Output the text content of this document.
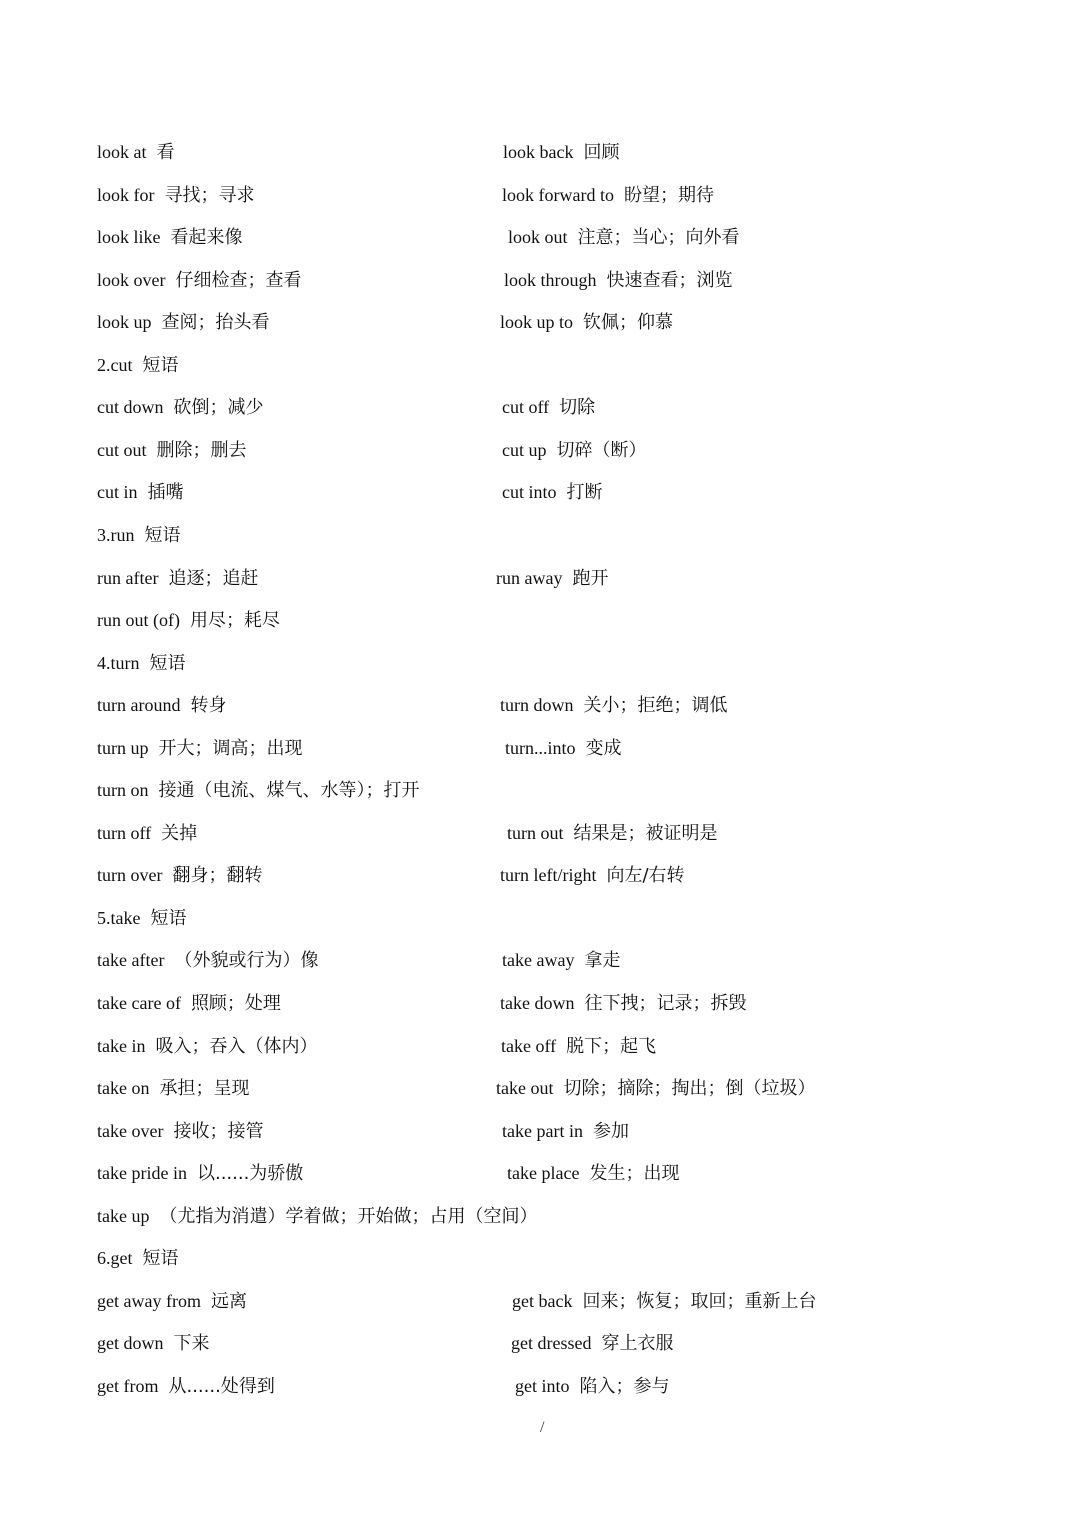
look at 看	look back 回顾
look for 寻找；寻求	look forward to 盼望；期待
look like 看起来像	look out 注意；当心；向外看
look over 仔细检查；查看	look through 快速查看；浏览
look up 查阅；抬头看	look up to 钦佩；仰慕
2.cut 短语
cut down 砍倒；减少	cut off 切除
cut out 删除；删去	cut up 切碎（断）
cut in 插嘴	cut into 打断
3.run 短语
run after 追逐；追赶	run away 跑开
run out (of) 用尽；耗尽
4.turn 短语
turn around 转身	turn down 关小；拒绝；调低
turn up 开大；调高；出现	turn...into 变成
turn on 接通（电流、煤气、水等）；打开
turn off 关掉	turn out 结果是；被证明是
turn over 翻身；翻转	turn left/right 向左/右转
5.take 短语
take after （外貌或行为）像	take away 拿走
take care of 照顾；处理	take down 往下拽；记录；拆毁
take in 吸入；吞入（体内）	take off 脱下；起飞
take on 承担；呈现	take out 切除；摘除；掏出；倒（垃圾）
take over 接收；接管	take part in 参加
take pride in 以......为骄傲	take place 发生；出现
take up （尤指为消遣）学着做；开始做；占用（空间）
6.get 短语
get away from 远离	get back 回来；恢复；取回；重新上台
get down 下来	get dressed 穿上衣服
get from 从......处得到	get into 陷入；参与
/
